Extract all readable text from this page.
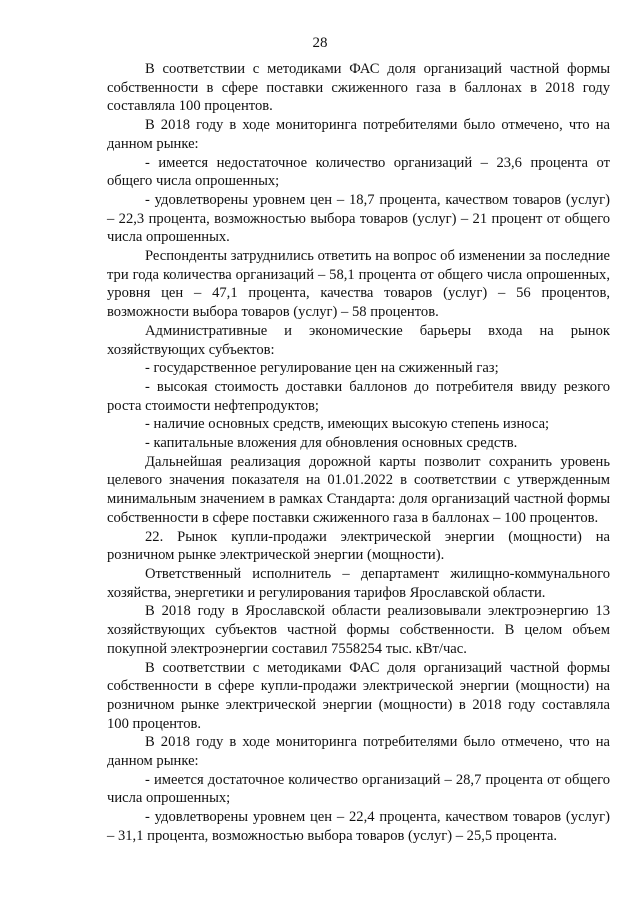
28

В соответствии с методиками ФАС доля организаций частной формы собственности в сфере поставки сжиженного газа в баллонах в 2018 году составляла 100 процентов.

В 2018 году в ходе мониторинга потребителями было отмечено, что на данном рынке:

- имеется недостаточное количество организаций – 23,6 процента от общего числа опрошенных;

- удовлетворены уровнем цен – 18,7 процента, качеством товаров (услуг) – 22,3 процента, возможностью выбора товаров (услуг) – 21 процент от общего числа опрошенных.

Респонденты затруднились ответить на вопрос об изменении за последние три года количества организаций – 58,1 процента от общего числа опрошенных, уровня цен – 47,1 процента, качества товаров (услуг) – 56 процентов, возможности выбора товаров (услуг) – 58 процентов.

Административные и экономические барьеры входа на рынок хозяйствующих субъектов:

- государственное регулирование цен на сжиженный газ;

- высокая стоимость доставки баллонов до потребителя ввиду резкого роста стоимости нефтепродуктов;

- наличие основных средств, имеющих высокую степень износа;

- капитальные вложения для обновления основных средств.

Дальнейшая реализация дорожной карты позволит сохранить уровень целевого значения показателя на 01.01.2022 в соответствии с утвержденным минимальным значением в рамках Стандарта: доля организаций частной формы собственности в сфере поставки сжиженного газа в баллонах – 100 процентов.

22. Рынок купли-продажи электрической энергии (мощности) на розничном рынке электрической энергии (мощности).

Ответственный исполнитель – департамент жилищно-коммунального хозяйства, энергетики и регулирования тарифов Ярославской области.

В 2018 году в Ярославской области реализовывали электроэнергию 13 хозяйствующих субъектов частной формы собственности. В целом объем покупной электроэнергии составил 7558254 тыс. кВт/час.

В соответствии с методиками ФАС доля организаций частной формы собственности в сфере купли-продажи электрической энергии (мощности) на розничном рынке электрической энергии (мощности) в 2018 году составляла 100 процентов.

В 2018 году в ходе мониторинга потребителями было отмечено, что на данном рынке:

- имеется достаточное количество организаций – 28,7 процента от общего числа опрошенных;

- удовлетворены уровнем цен – 22,4 процента, качеством товаров (услуг) – 31,1 процента, возможностью выбора товаров (услуг) – 25,5 процента.
